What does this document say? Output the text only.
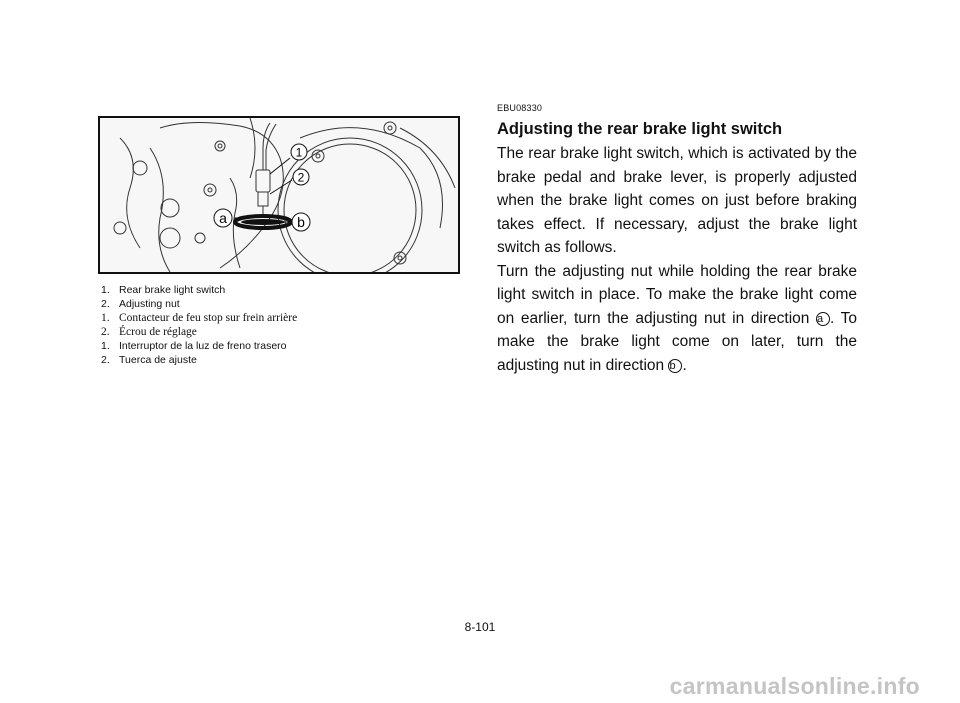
1
2
a	b
1. Rear brake light switch
2. Adjusting nut
1. Contacteur de feu stop sur frein arrière
2. Écrou de réglage
1. Interruptor de la luz de freno trasero
2. Tuerca de ajuste
EBU08330
Adjusting the rear brake light switch

The rear brake light switch, which is activated by the brake pedal and brake lever, is properly adjusted when the brake light comes on just before braking takes effect. If necessary, adjust the brake light switch as follows.

Turn the adjusting nut while holding the rear brake light switch in place. To make the brake light come on earlier, turn the adjusting nut in direction a . To make the brake light come on later, turn the adjusting nut in direction b .

8-101
carmanualsonline.info
